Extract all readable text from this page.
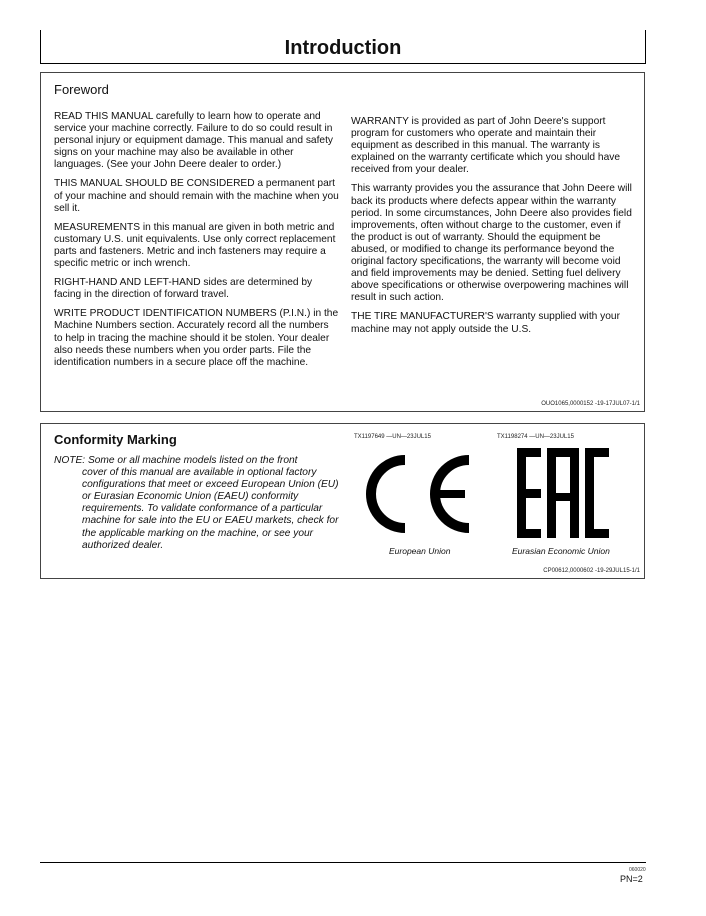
Introduction
Foreword

READ THIS MANUAL carefully to learn how to operate and service your machine correctly. Failure to do so could result in personal injury or equipment damage. This manual and safety signs on your machine may also be available in other languages. (See your John Deere dealer to order.)

THIS MANUAL SHOULD BE CONSIDERED a permanent part of your machine and should remain with the machine when you sell it.

MEASUREMENTS in this manual are given in both metric and customary U.S. unit equivalents. Use only correct replacement parts and fasteners. Metric and inch fasteners may require a specific metric or inch wrench.

RIGHT-HAND AND LEFT-HAND sides are determined by facing in the direction of forward travel.

WRITE PRODUCT IDENTIFICATION NUMBERS (P.I.N.) in the Machine Numbers section. Accurately record all the numbers to help in tracing the machine should it be stolen. Your dealer also needs these numbers when you order parts. File the identification numbers in a secure place off the machine.

WARRANTY is provided as part of John Deere's support program for customers who operate and maintain their equipment as described in this manual. The warranty is explained on the warranty certificate which you should have received from your dealer.

This warranty provides you the assurance that John Deere will back its products where defects appear within the warranty period. In some circumstances, John Deere also provides field improvements, often without charge to the customer, even if the product is out of warranty. Should the equipment be abused, or modified to change its performance beyond the original factory specifications, the warranty will become void and field improvements may be denied. Setting fuel delivery above specifications or otherwise overpowering machines will result in such action.

THE TIRE MANUFACTURER'S warranty supplied with your machine may not apply outside the U.S.

OUO1065,0000152 -19-17JUL07-1/1
Conformity Marking
NOTE: Some or all machine models listed on the front
cover of this manual are available in optional factory configurations that meet or exceed European Union (EU) or Eurasian Economic Union (EAEU) conformity requirements. To validate conformance of a particular machine for sale into the EU or EAEU markets, check for the applicable marking on the machine, or see your authorized dealer.
TX1197649 —UN—23JUL15	TX1198274 —UN—23JUL15
European Union	Eurasian Economic Union
CP00612,0000602 -19-29JUL15-1/1
060020
PN=2
